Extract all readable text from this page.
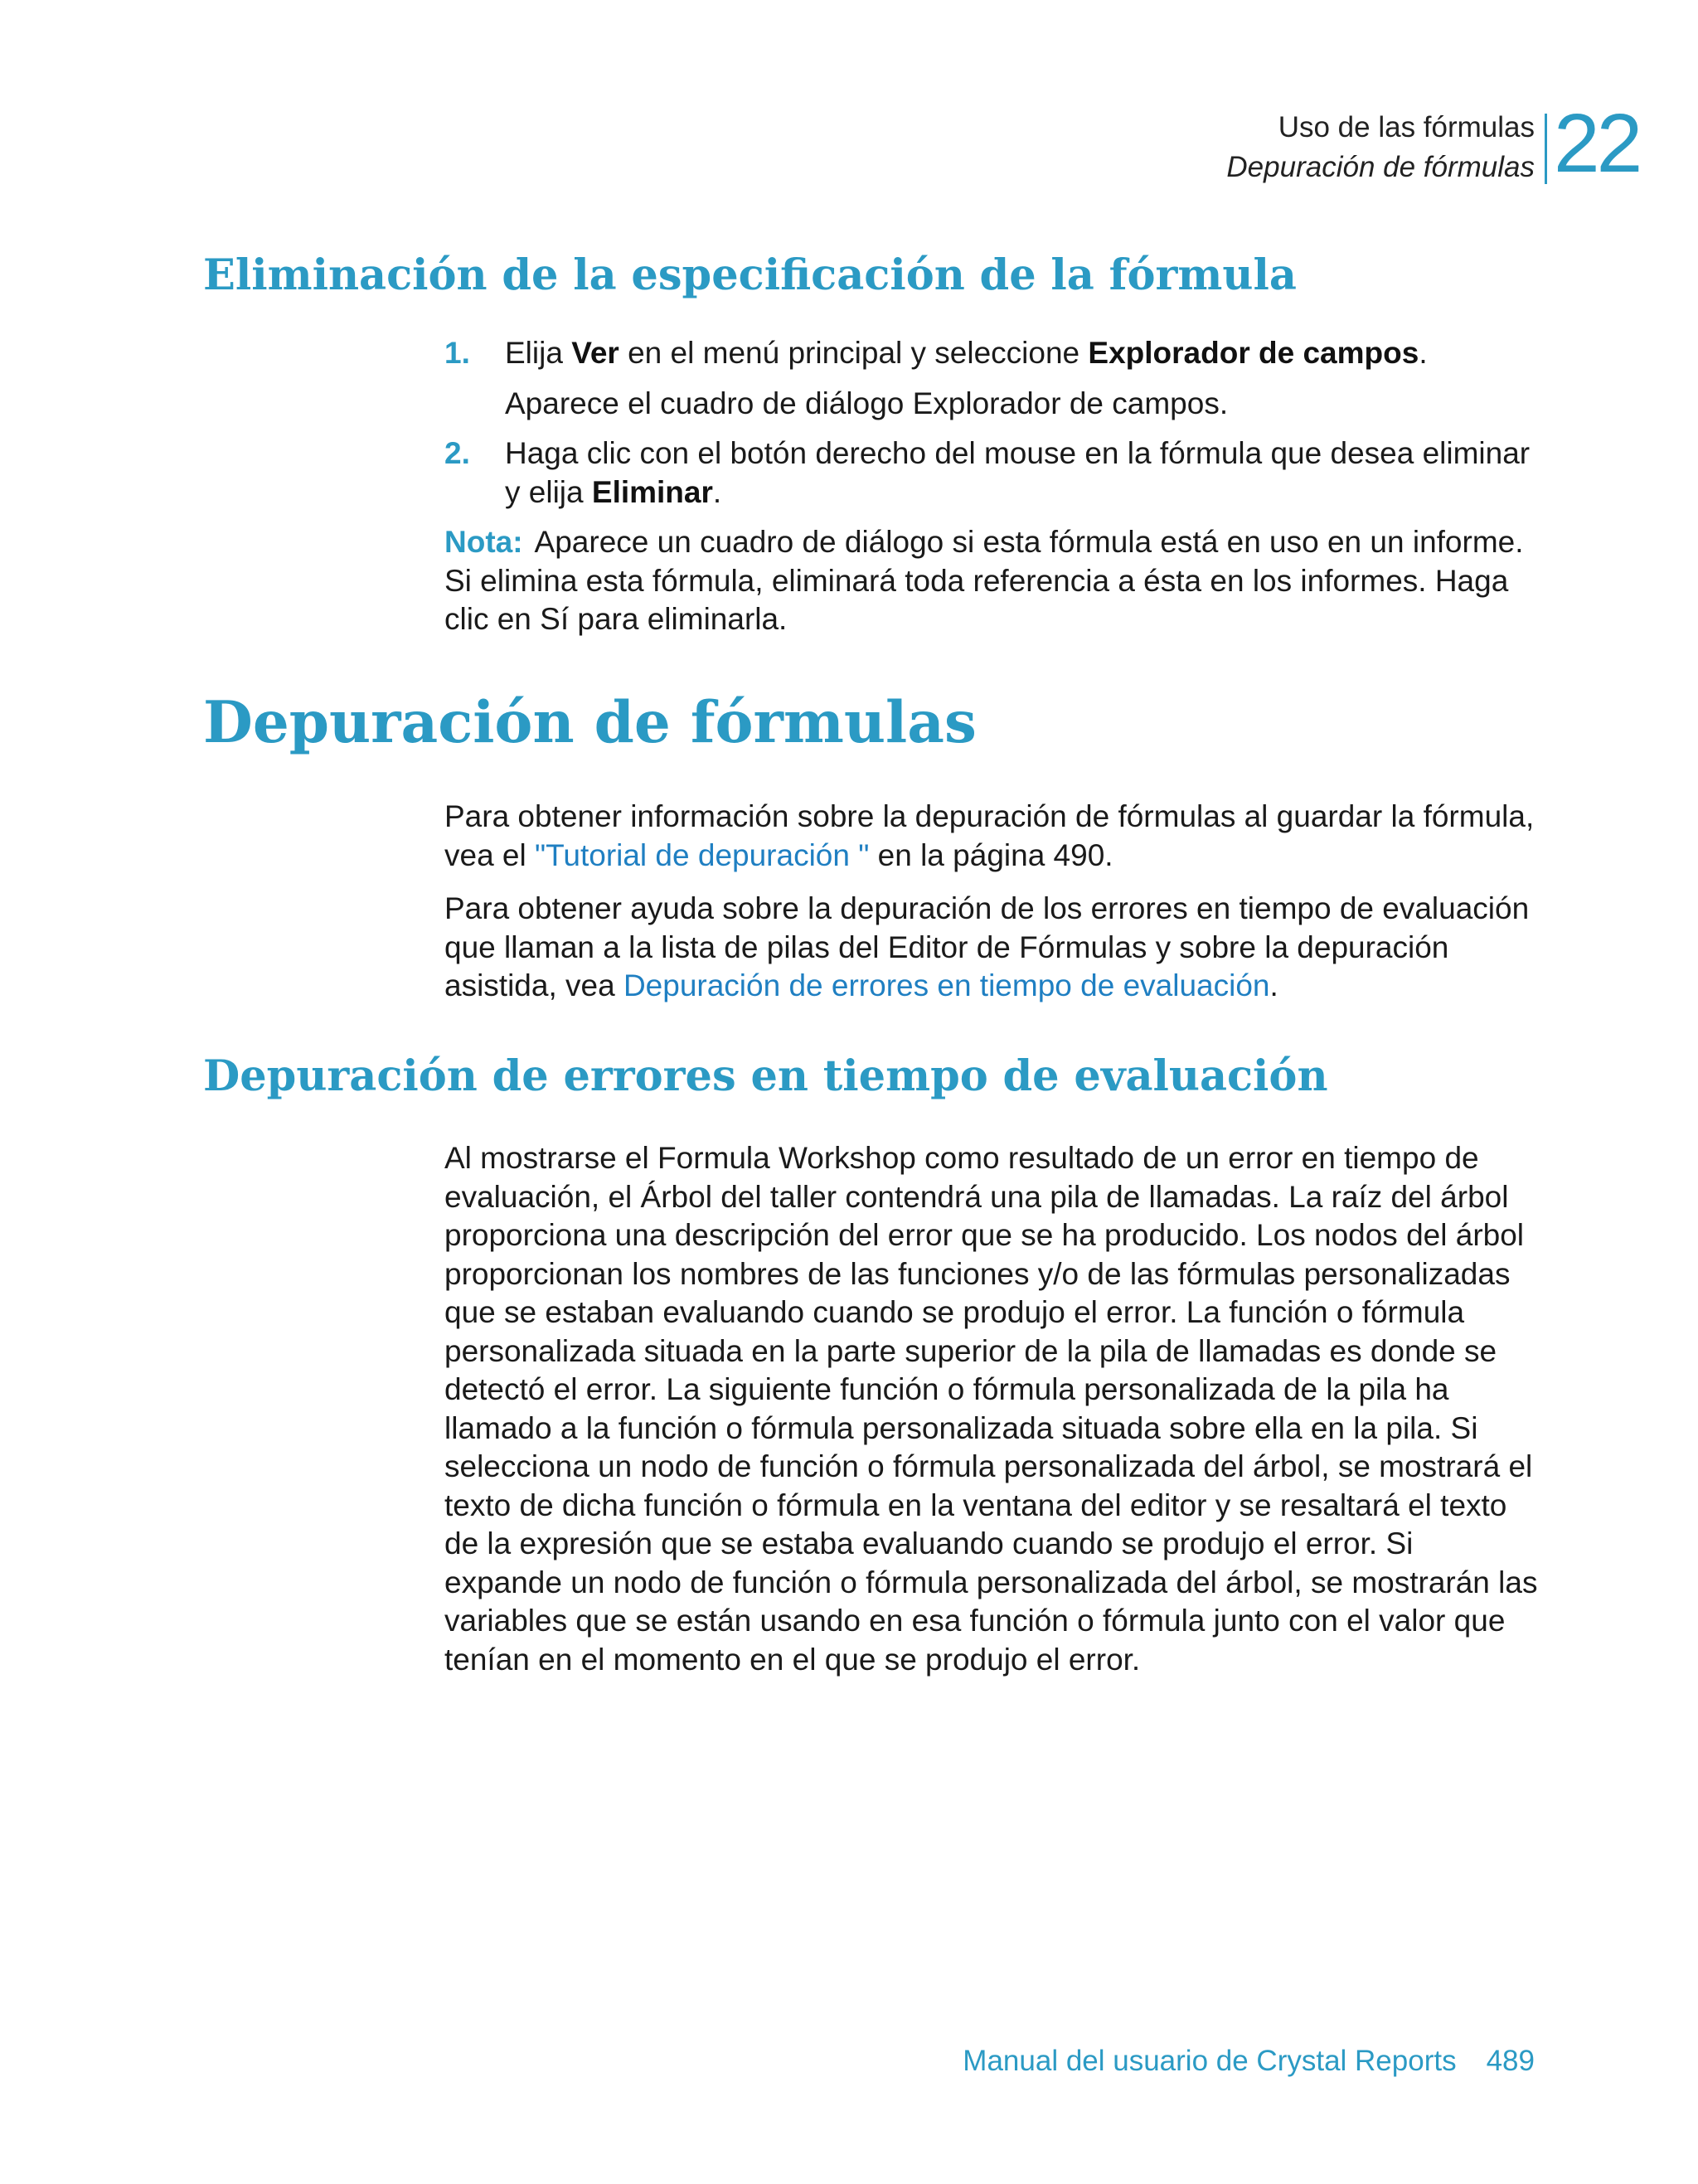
Uso de las fórmulas
Depuración de fórmulas 22
Eliminación de la especificación de la fórmula
1. Elija Ver en el menú principal y seleccione Explorador de campos.
Aparece el cuadro de diálogo Explorador de campos.
2. Haga clic con el botón derecho del mouse en la fórmula que desea eliminar y elija Eliminar.
Nota: Aparece un cuadro de diálogo si esta fórmula está en uso en un informe. Si elimina esta fórmula, eliminará toda referencia a ésta en los informes. Haga clic en Sí para eliminarla.
Depuración de fórmulas

Para obtener información sobre la depuración de fórmulas al guardar la fórmula, vea el "Tutorial de depuración " en la página 490.

Para obtener ayuda sobre la depuración de los errores en tiempo de evaluación que llaman a la lista de pilas del Editor de Fórmulas y sobre la depuración asistida, vea Depuración de errores en tiempo de evaluación.

Depuración de errores en tiempo de evaluación

Al mostrarse el Formula Workshop como resultado de un error en tiempo de evaluación, el Árbol del taller contendrá una pila de llamadas. La raíz del árbol proporciona una descripción del error que se ha producido. Los nodos del árbol proporcionan los nombres de las funciones y/o de las fórmulas personalizadas que se estaban evaluando cuando se produjo el error. La función o fórmula personalizada situada en la parte superior de la pila de llamadas es donde se detectó el error. La siguiente función o fórmula personalizada de la pila ha llamado a la función o fórmula personalizada situada sobre ella en la pila. Si selecciona un nodo de función o fórmula personalizada del árbol, se mostrará el texto de dicha función o fórmula en la ventana del editor y se resaltará el texto de la expresión que se estaba evaluando cuando se produjo el error. Si expande un nodo de función o fórmula personalizada del árbol, se mostrarán las variables que se están usando en esa función o fórmula junto con el valor que tenían en el momento en el que se produjo el error.

Manual del usuario de Crystal Reports 489
